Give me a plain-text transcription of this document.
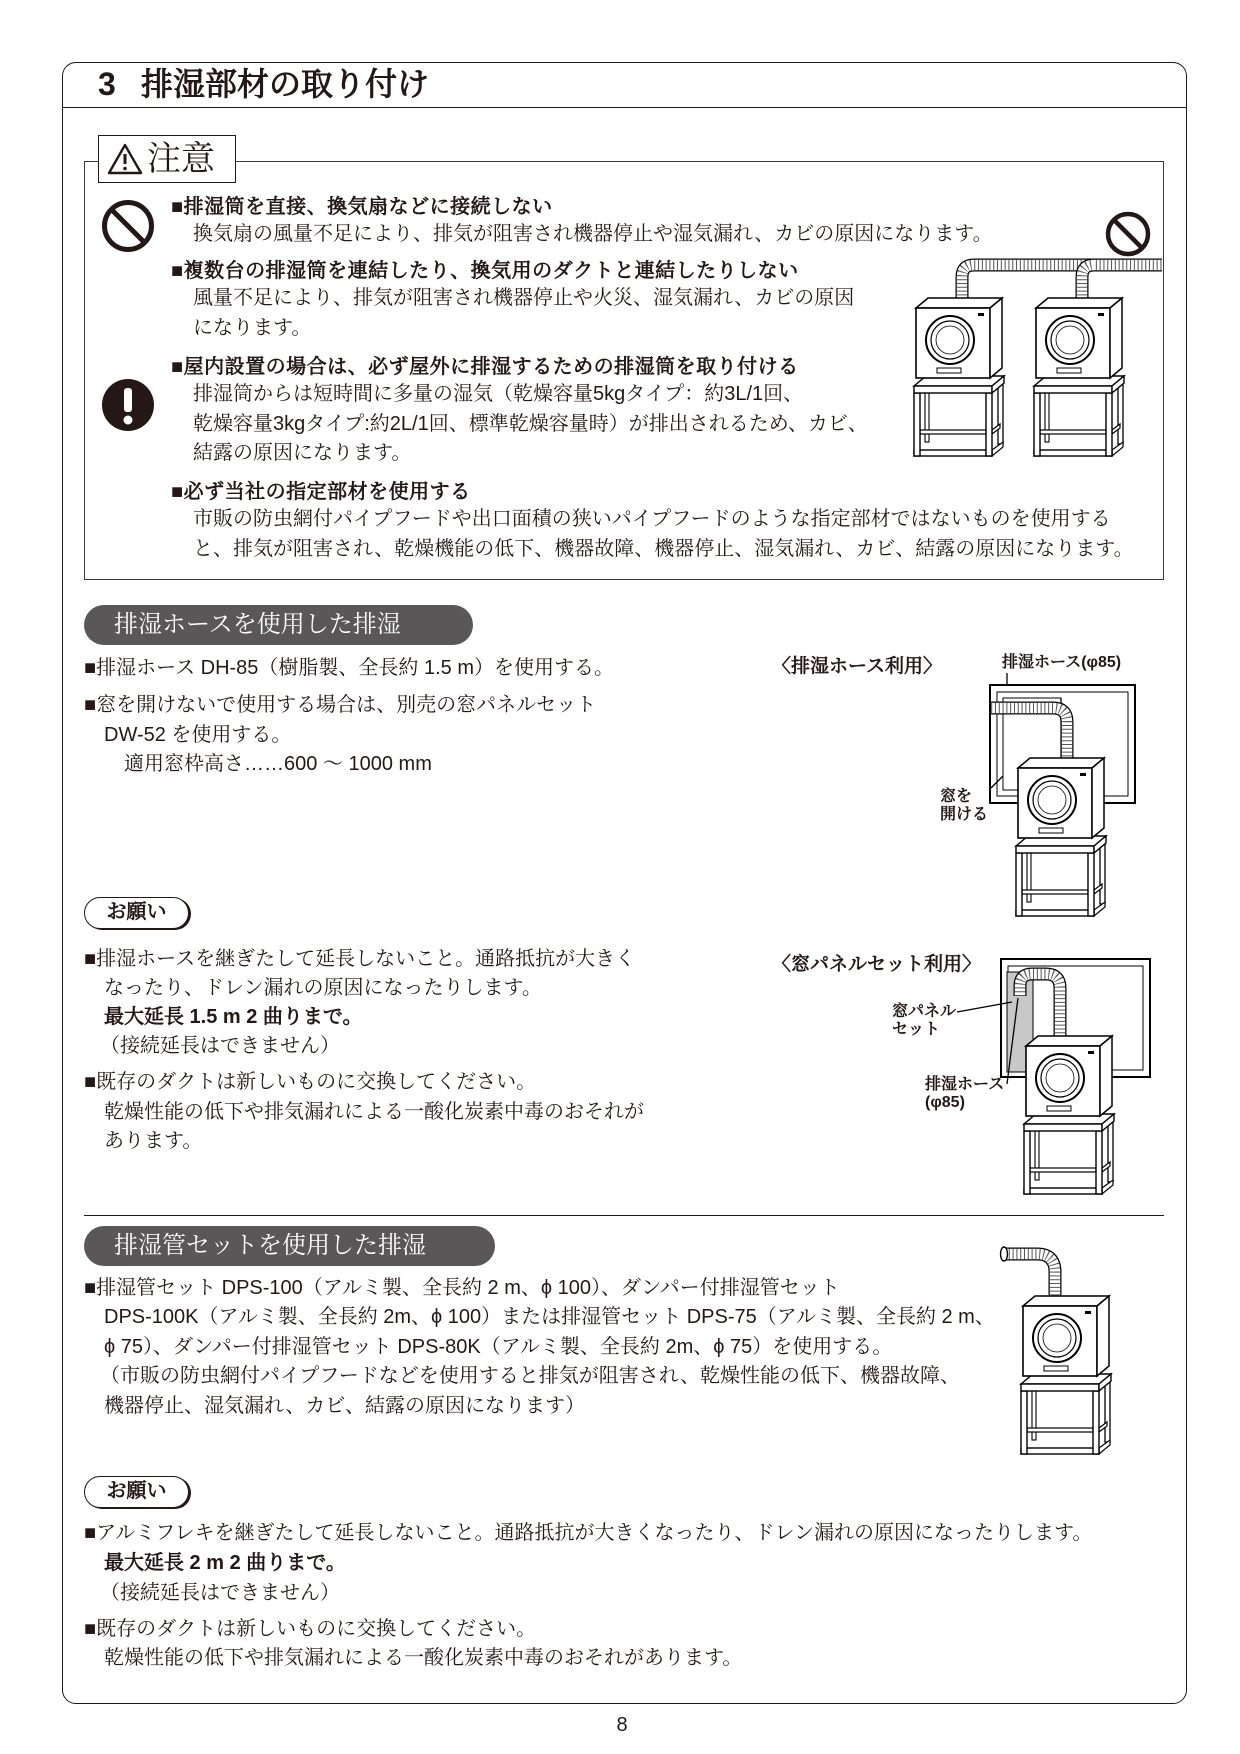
3 排湿部材の取り付け
注意
■排湿筒を直接、換気扇などに接続しない
換気扇の風量不足により、排気が阻害され機器停止や湿気漏れ、カビの原因になります。
■複数台の排湿筒を連結したり、換気用のダクトと連結したりしない
風量不足により、排気が阻害され機器停止や火災、湿気漏れ、カビの原因
になります。
■屋内設置の場合は、必ず屋外に排湿するための排湿筒を取り付ける
排湿筒からは短時間に多量の湿気（乾燥容量5kgタイプ：約3L/1回、
乾燥容量3kgタイプ:約2L/1回、標準乾燥容量時）が排出されるため、カビ、
結露の原因になります。
■必ず当社の指定部材を使用する
市販の防虫網付パイプフードや出口面積の狭いパイプフードのような指定部材ではないものを使用する
と、排気が阻害され、乾燥機能の低下、機器故障、機器停止、湿気漏れ、カビ、結露の原因になります。
排湿ホースを使用した排湿
■排湿ホース DH-85（樹脂製、全長約 1.5 m）を使用する。
■窓を開けないで使用する場合は、別売の窓パネルセット
DW-52 を使用する。
適用窓枠高さ……600 ～ 1000 mm
〈排湿ホース利用〉	排湿ホース(φ85)
窓を
開ける
お願い
■排湿ホースを継ぎたして延長しないこと。通路抵抗が大きく
なったり、ドレン漏れの原因になったりします。
最大延長 1.5 m 2 曲りまで。
（接続延長はできません）
■既存のダクトは新しいものに交換してください。
乾燥性能の低下や排気漏れによる一酸化炭素中毒のおそれが
あります。
〈窓パネルセット利用〉
窓パネル
セット
排湿ホース
(φ85)
排湿管セットを使用した排湿
■排湿管セット DPS-100（アルミ製、全長約 2 m、ϕ 100）、ダンパー付排湿管セット
DPS-100K（アルミ製、全長約 2m、ϕ 100）または排湿管セット DPS-75（アルミ製、全長約 2 m、
ϕ 75）、ダンパー付排湿管セット DPS-80K（アルミ製、全長約 2m、ϕ 75）を使用する。
（市販の防虫網付パイプフードなどを使用すると排気が阻害され、乾燥性能の低下、機器故障、
機器停止、湿気漏れ、カビ、結露の原因になります）
お願い
■アルミフレキを継ぎたして延長しないこと。通路抵抗が大きくなったり、ドレン漏れの原因になったりします。
最大延長 2 m 2 曲りまで。
（接続延長はできません）
■既存のダクトは新しいものに交換してください。
乾燥性能の低下や排気漏れによる一酸化炭素中毒のおそれがあります。
8
